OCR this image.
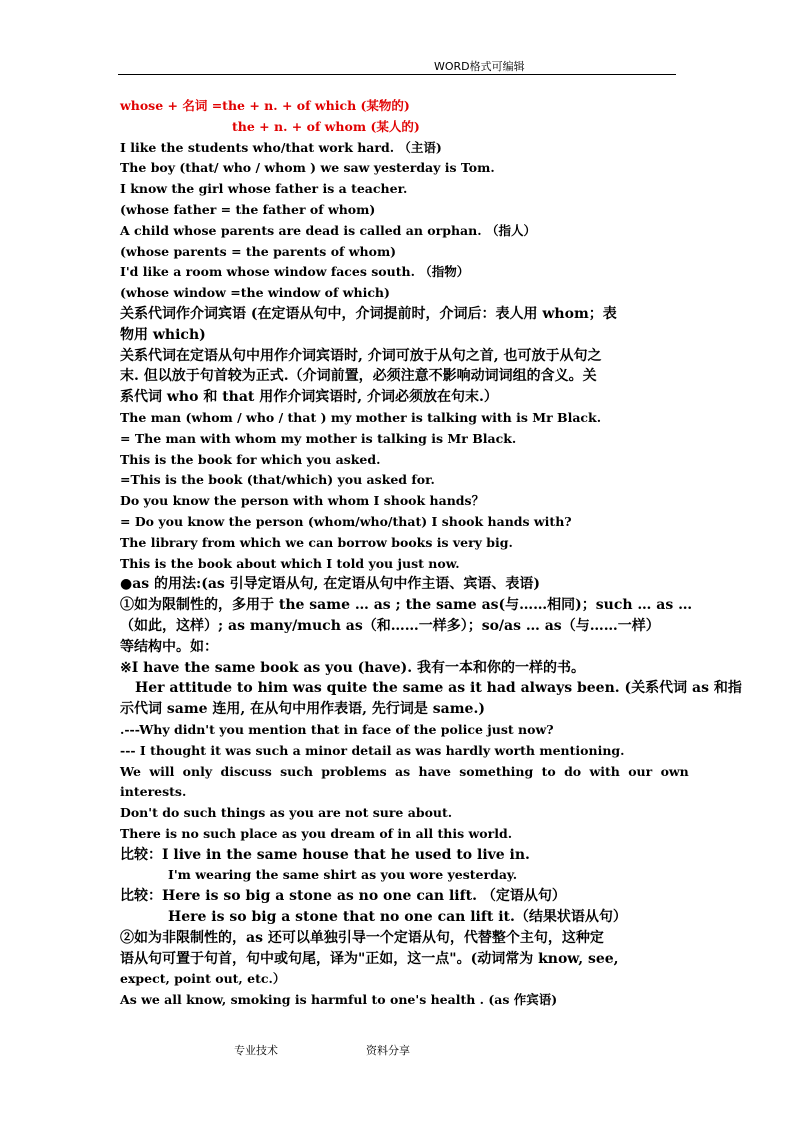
WORD格式可编辑
whose + 名词 =the + n. + of which (某物的)
the + n. + of whom (某人的)
I like the students who/that work hard. （主语)
The boy (that/ who / whom ) we saw yesterday is Tom.
I know the girl whose father is a teacher.
(whose father = the father of whom)
A child whose parents are dead is called an orphan. （指人）
(whose parents = the parents of whom)
I'd like a room whose window faces south. （指物）
(whose window =the window of which)
关系代词作介词宾语 (在定语从句中，介词提前时，介词后：表人用 whom；表
物用 which)
关系代词在定语从句中用作介词宾语时, 介词可放于从句之首, 也可放于从句之
末. 但以放于句首较为正式.（介词前置，必须注意不影响动词词组的含义。关
系代词 who 和 that 用作介词宾语时, 介词必须放在句末.）
The man (whom / who / that ) my mother is talking with is Mr Black.
= The man with whom my mother is talking is Mr Black.
This is the book for which you asked.
=This is the book (that/which) you asked for.
Do you know the person with whom I shook hands？
= Do you know the person (whom/who/that) I shook hands with?
The library from which we can borrow books is very big.
This is the book about which I told you just now.
●as 的用法:(as 引导定语从句, 在定语从句中作主语、宾语、表语)
①如为限制性的，多用于 the same … as ; the same as(与……相同)；such … as …
（如此，这样）; as many/much as（和……一样多）；so/as … as（与……一样）
等结构中。如：
※I have the same book as you (have). 我有一本和你的一样的书。
Her attitude to him was quite the same as it had always been. (关系代词 as 和指
示代词 same 连用, 在从句中用作表语, 先行词是 same.)
.---Why didn't you mention that in face of the police just now?
--- I thought it was such a minor detail as was hardly worth mentioning.
We will only discuss such problems as have something to do with our own
interests.
Don't do such things as you are not sure about.
There is no such place as you dream of in all this world.
比较：I live in the same house that he used to live in.
I'm wearing the same shirt as you wore yesterday.
比较：Here is so big a stone as no one can lift. （定语从句）
Here is so big a stone that no one can lift it.（结果状语从句）
②如为非限制性的，as 还可以单独引导一个定语从句，代替整个主句，这种定
语从句可置于句首，句中或句尾，译为"正如，这一点"。(动词常为 know, see,
expect, point out, etc.）
As we all know, smoking is harmful to one's health . (as 作宾语)
专业技术	资料分享
